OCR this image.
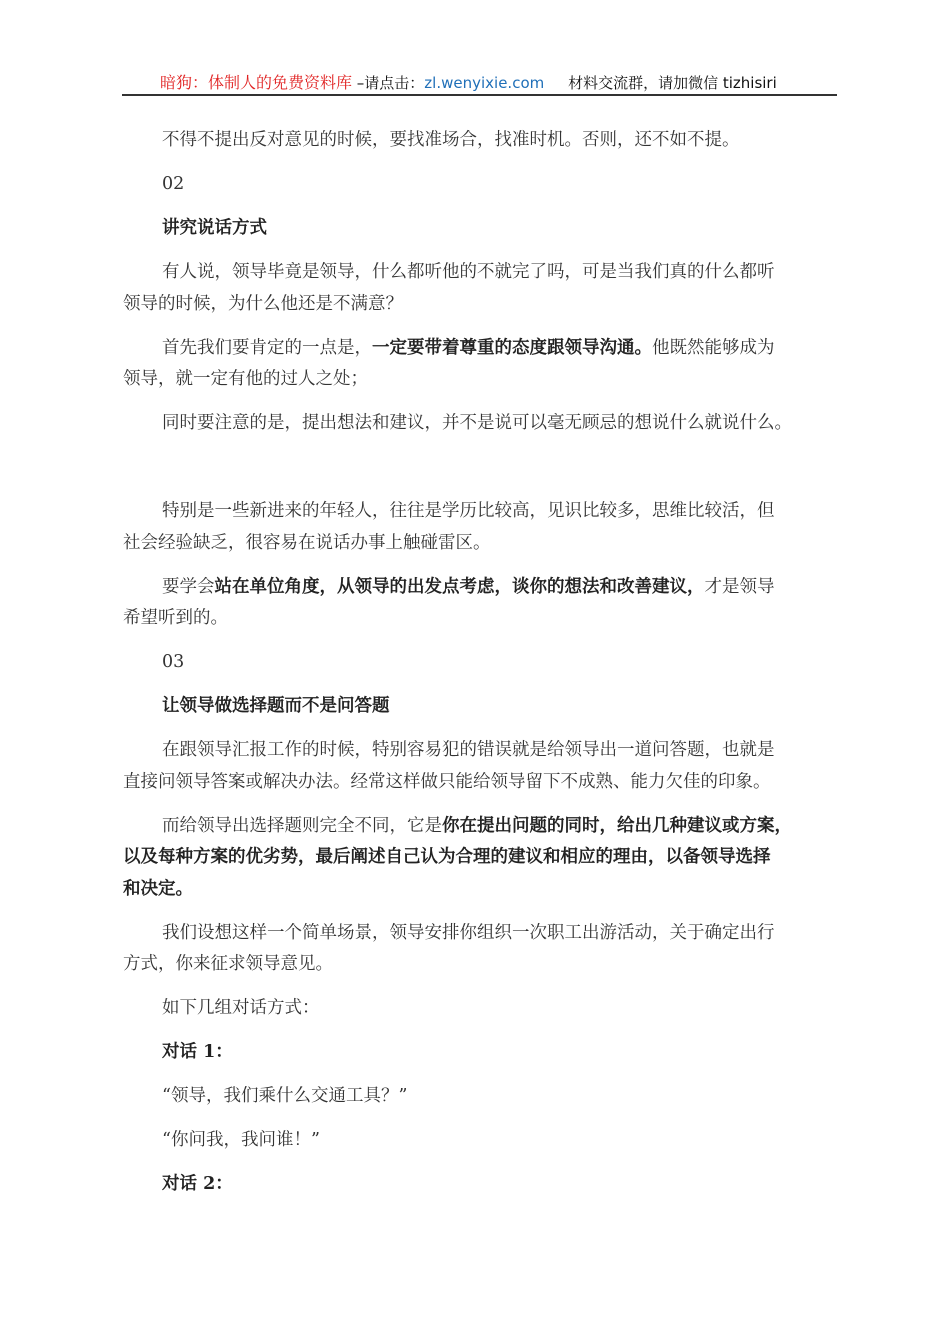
暗狗：体制人的免费资料库 –请点击：zl.wenyixie.com 材料交流群，请加微信 tizhisiri

不得不提出反对意见的时候，要找准场合，找准时机。否则，还不如不提。

02

讲究说话方式

有人说，领导毕竟是领导，什么都听他的不就完了吗，可是当我们真的什么都听
领导的时候，为什么他还是不满意？

首先我们要肯定的一点是，一定要带着尊重的态度跟领导沟通。他既然能够成为
领导，就一定有他的过人之处；

同时要注意的是，提出想法和建议，并不是说可以毫无顾忌的想说什么就说什么。

特别是一些新进来的年轻人，往往是学历比较高，见识比较多，思维比较活，但
社会经验缺乏，很容易在说话办事上触碰雷区。

要学会站在单位角度，从领导的出发点考虑，谈你的想法和改善建议，才是领导
希望听到的。

03

让领导做选择题而不是问答题

在跟领导汇报工作的时候，特别容易犯的错误就是给领导出一道问答题，也就是
直接问领导答案或解决办法。经常这样做只能给领导留下不成熟、能力欠佳的印象。

而给领导出选择题则完全不同，它是你在提出问题的同时，给出几种建议或方案，
以及每种方案的优劣势，最后阐述自己认为合理的建议和相应的理由，以备领导选择
和决定。

我们设想这样一个简单场景，领导安排你组织一次职工出游活动，关于确定出行
方式，你来征求领导意见。

如下几组对话方式：

对话 1：

“领导，我们乘什么交通工具？”

“你问我，我问谁！”

对话 2：
